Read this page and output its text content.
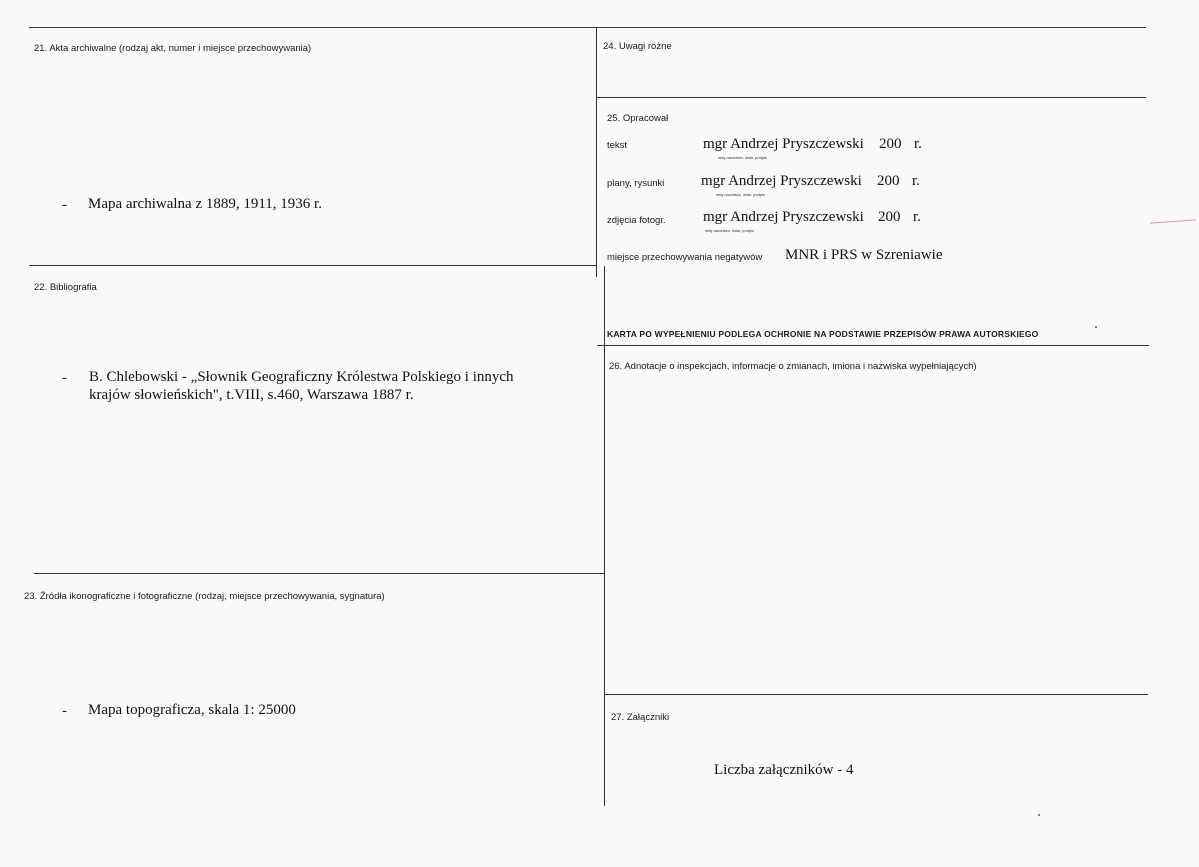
21. Akta archiwalne (rodzaj akt, numer i miejsce przechowywania)
- Mapa archiwalna z 1889, 1911, 1936 r.
22. Bibliografia
- B. Chlebowski - „Słownik Geograficzny Królestwa Polskiego i innych
krajów słowieńskich", t.VIII, s.460, Warszawa 1887 r.
23. Źródła ikonograficzne i fotograficzne (rodzaj, miejsce przechowywania, sygnatura)
- Mapa topograficza, skala 1: 25000
24. Uwagi różne
25. Opracował
tekst	mgr Andrzej Pryszczewski 200 r.
imię,nazwisko, data, podpis
plany, rysunki mgr Andrzej Pryszczewski 200 r.
imię,nazwisko, data, podpis
zdjęcia fotogr. mgr Andrzej Pryszczewski 200 r.
imię,nazwisko, data, podpis
miejsce przechowywania negatywów MNR i PRS w Szreniawie
KARTA PO WYPEŁNIENIU PODLEGA OCHRONIE NA PODSTAWIE PRZEPISÓW PRAWA AUTORSKIEGO
26. Adnotacje o inspekcjach, informacje o zmianach, imiona i nazwiska wypełniających)
27. Załączniki
Liczba załączników - 4
